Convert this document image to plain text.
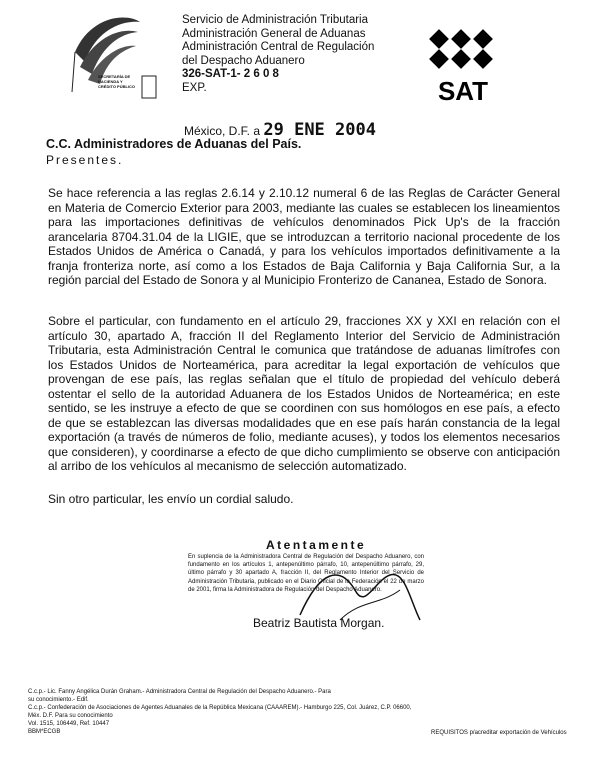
SECRETARÍA DE
HACIENDA Y
CRÉDITO PÚBLICO
Servicio de Administración Tributaria
Administración General de Aduanas
Administración Central de Regulación
del Despacho Aduanero
326-SAT-1- 2 6 0 8
EXP.	SAT
México, D.F. a 29 ENE 2004
C.C. Administradores de Aduanas del País.
Presentes.
Se hace referencia a las reglas 2.6.14 y 2.10.12 numeral 6 de las Reglas de Carácter General en Materia de Comercio Exterior para 2003, mediante las cuales se establecen los lineamientos para las importaciones definitivas de vehículos denominados Pick Up's de la fracción arancelaria 8704.31.04 de la LIGIE, que se introduzcan a territorio nacional procedente de los Estados Unidos de América o Canadá, y para los vehículos importados definitivamente a la franja fronteriza norte, así como a los Estados de Baja California y Baja California Sur, a la región parcial del Estado de Sonora y al Municipio Fronterizo de Cananea, Estado de Sonora.
Sobre el particular, con fundamento en el artículo 29, fracciones XX y XXI en relación con el artículo 30, apartado A, fracción II del Reglamento Interior del Servicio de Administración Tributaria, esta Administración Central le comunica que tratándose de aduanas limítrofes con los Estados Unidos de Norteamérica, para acreditar la legal exportación de vehículos que provengan de ese país, las reglas señalan que el título de propiedad del vehículo deberá ostentar el sello de la autoridad Aduanera de los Estados Unidos de Norteamérica; en este sentido, se les instruye a efecto de que se coordinen con sus homólogos en ese país, a efecto de que se establezcan las diversas modalidades que en ese país harán constancia de la legal exportación (a través de números de folio, mediante acuses), y todos los elementos necesarios que consideren), y coordinarse a efecto de que dicho cumplimiento se observe con anticipación al arribo de los vehículos al mecanismo de selección automatizado.
Sin otro particular, les envío un cordial saludo.
Atentamente
En suplencia de la Administradora Central de Regulación del Despacho Aduanero, con fundamento en los artículos 1, antepenúltimo párrafo, 10, antepenúltimo párrafo, 29, último párrafo y 30 apartado A, fracción II, del Reglamento Interior del Servicio de Administración Tributaria, publicado en el Diario Oficial de la Federación el 22 de marzo de 2001, firma la Administradora de Regulación del Despacho Aduanero.
Beatriz Bautista Morgan.
C.c.p.- Lic. Fanny Angélica Durán Graham.- Administradora Central de Regulación del Despacho Aduanero.- Para
su conocimiento.- Edif.
C.c.p.- Confederación de Asociaciones de Agentes Aduanales de la República Mexicana (CAAAREM).- Hamburgo 225, Col. Juárez, C.P. 06600,
Méx. D.F. Para su conocimiento
Vol. 1515, 106449, Ref. 10447
BBM*ECGB	REQUISITOS p/acreditar exportación de Vehículos
